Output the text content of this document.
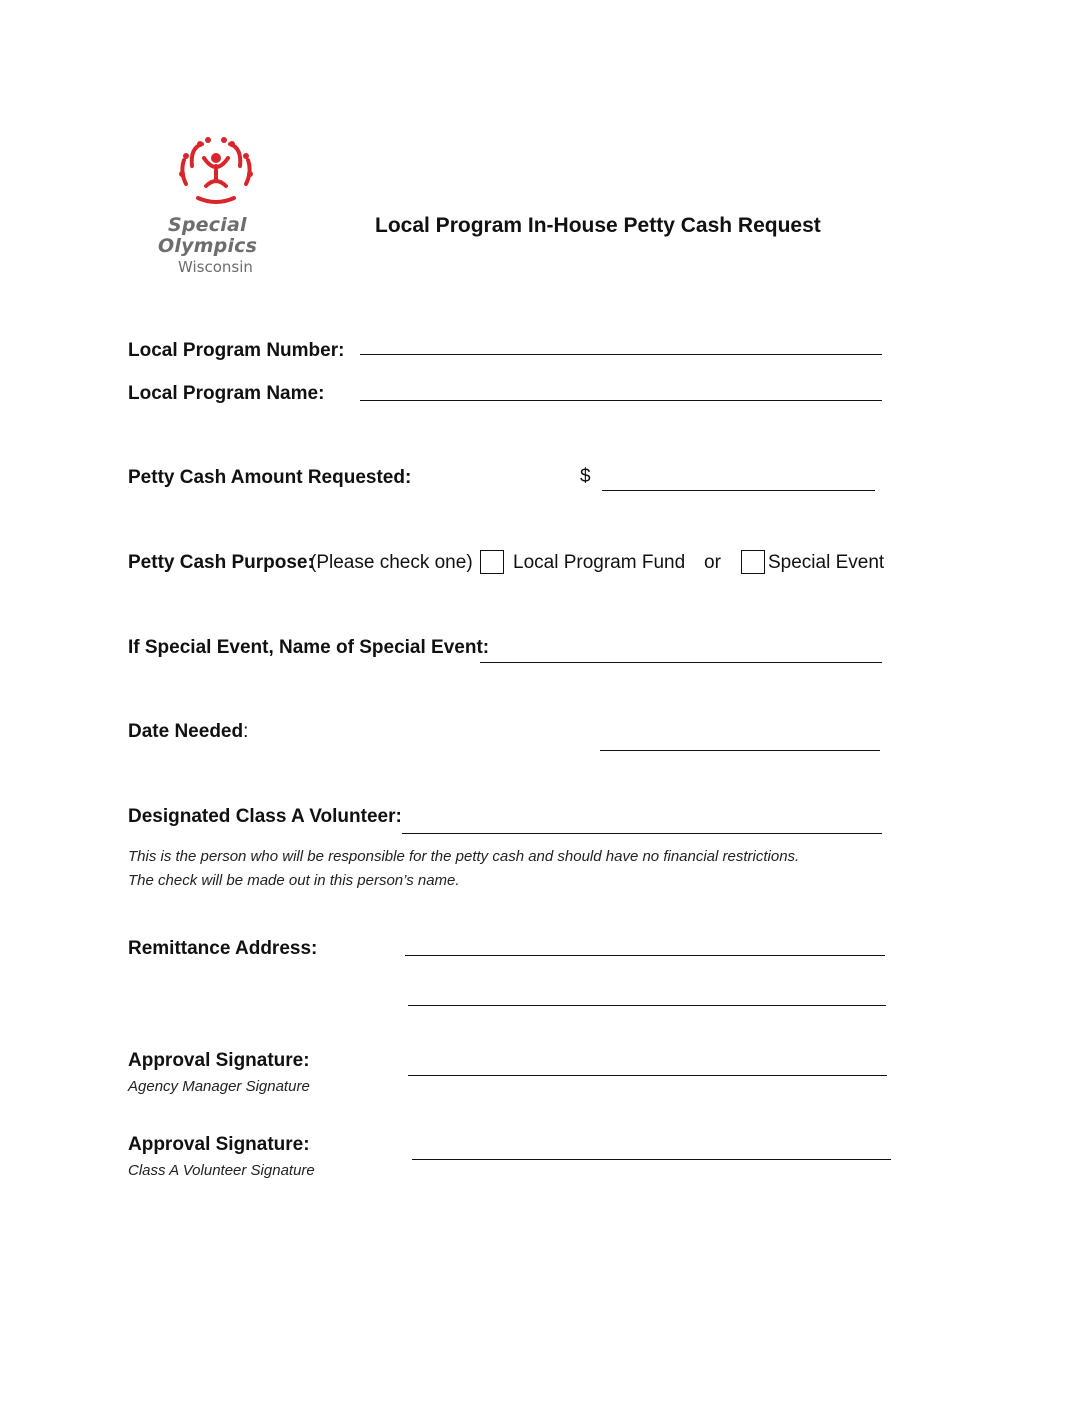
Special
Olympics
Wisconsin
Local Program In-House Petty Cash Request
Local Program Number:
Local Program Name:
Petty Cash Amount Requested:	$
Petty Cash Purpose:
(Please check one) Local Program Fund or Special Event
If Special Event, Name of Special Event:
Date Needed:
Designated Class A Volunteer:
This is the person who will be responsible for the petty cash and should have no financial restrictions.
The check will be made out in this person’s name.
Remittance Address:
Approval Signature:
Agency Manager Signature
Approval Signature:
Class A Volunteer Signature
